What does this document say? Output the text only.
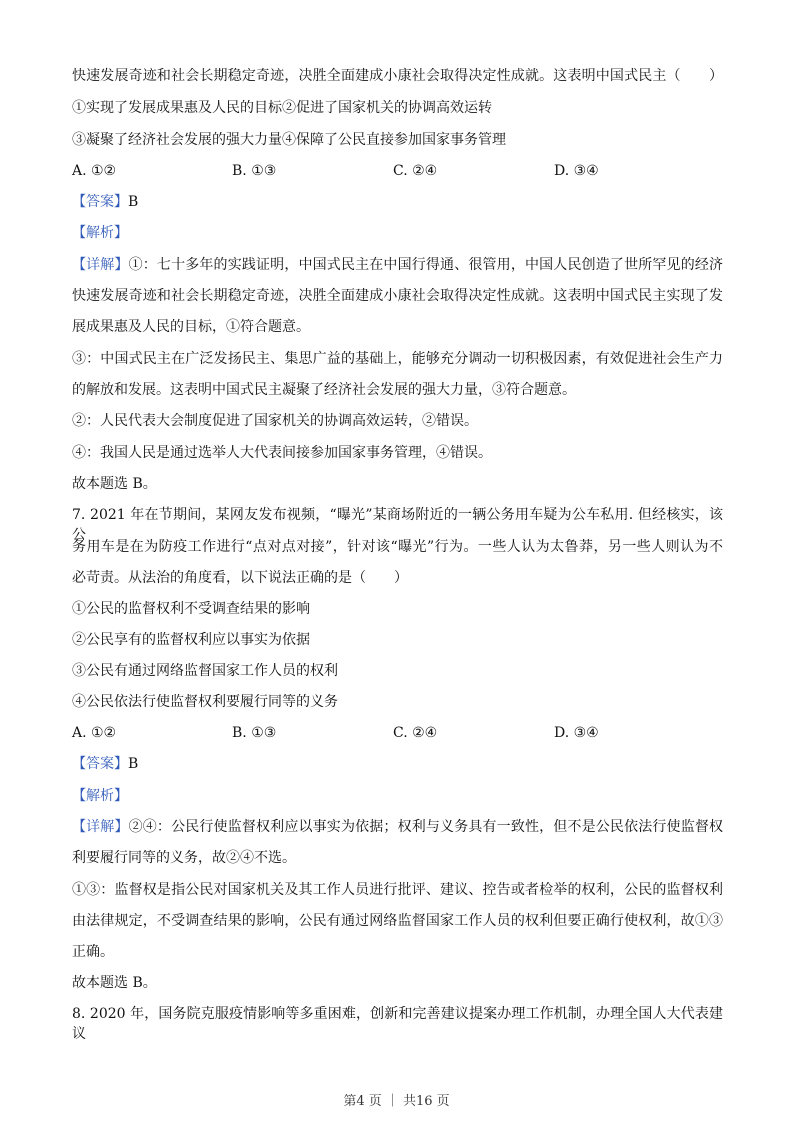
快速发展奇迹和社会长期稳定奇迹，决胜全面建成小康社会取得决定性成就。这表明中国式民主（　　）
①实现了发展成果惠及人民的目标②促进了国家机关的协调高效运转
③凝聚了经济社会发展的强大力量④保障了公民直接参加国家事务管理
A. ①②	B. ①③	C. ②④	D. ③④
【答案】B
【解析】
【详解】①：七十多年的实践证明，中国式民主在中国行得通、很管用，中国人民创造了世所罕见的经济
快速发展奇迹和社会长期稳定奇迹，决胜全面建成小康社会取得决定性成就。这表明中国式民主实现了发
展成果惠及人民的目标，①符合题意。
③：中国式民主在广泛发扬民主、集思广益的基础上，能够充分调动一切积极因素，有效促进社会生产力
的解放和发展。这表明中国式民主凝聚了经济社会发展的强大力量，③符合题意。
②：人民代表大会制度促进了国家机关的协调高效运转，②错误。
④：我国人民是通过选举人大代表间接参加国家事务管理，④错误。
故本题选 B。
7. 2021 年在节期间，某网友发布视频，“曝光”某商场附近的一辆公务用车疑为公车私用. 但经核实，该公
务用车是在为防疫工作进行“点对点对接”，针对该“曝光”行为。一些人认为太鲁莽，另一些人则认为不
必苛责。从法治的角度看，以下说法正确的是（　　）
①公民的监督权利不受调查结果的影响
②公民享有的监督权利应以事实为依据
③公民有通过网络监督国家工作人员的权利
④公民依法行使监督权利要履行同等的义务
A. ①②	B. ①③	C. ②④	D. ③④
【答案】B
【解析】
【详解】②④：公民行使监督权利应以事实为依据；权利与义务具有一致性，但不是公民依法行使监督权
利要履行同等的义务，故②④不选。
①③：监督权是指公民对国家机关及其工作人员进行批评、建议、控告或者检举的权利，公民的监督权利
由法律规定，不受调查结果的影响，公民有通过网络监督国家工作人员的权利但要正确行使权利，故①③
正确。
故本题选 B。
8. 2020 年，国务院克服疫情影响等多重困难，创新和完善建议提案办理工作机制，办理全国人大代表建议
第4 页 ｜ 共16 页
